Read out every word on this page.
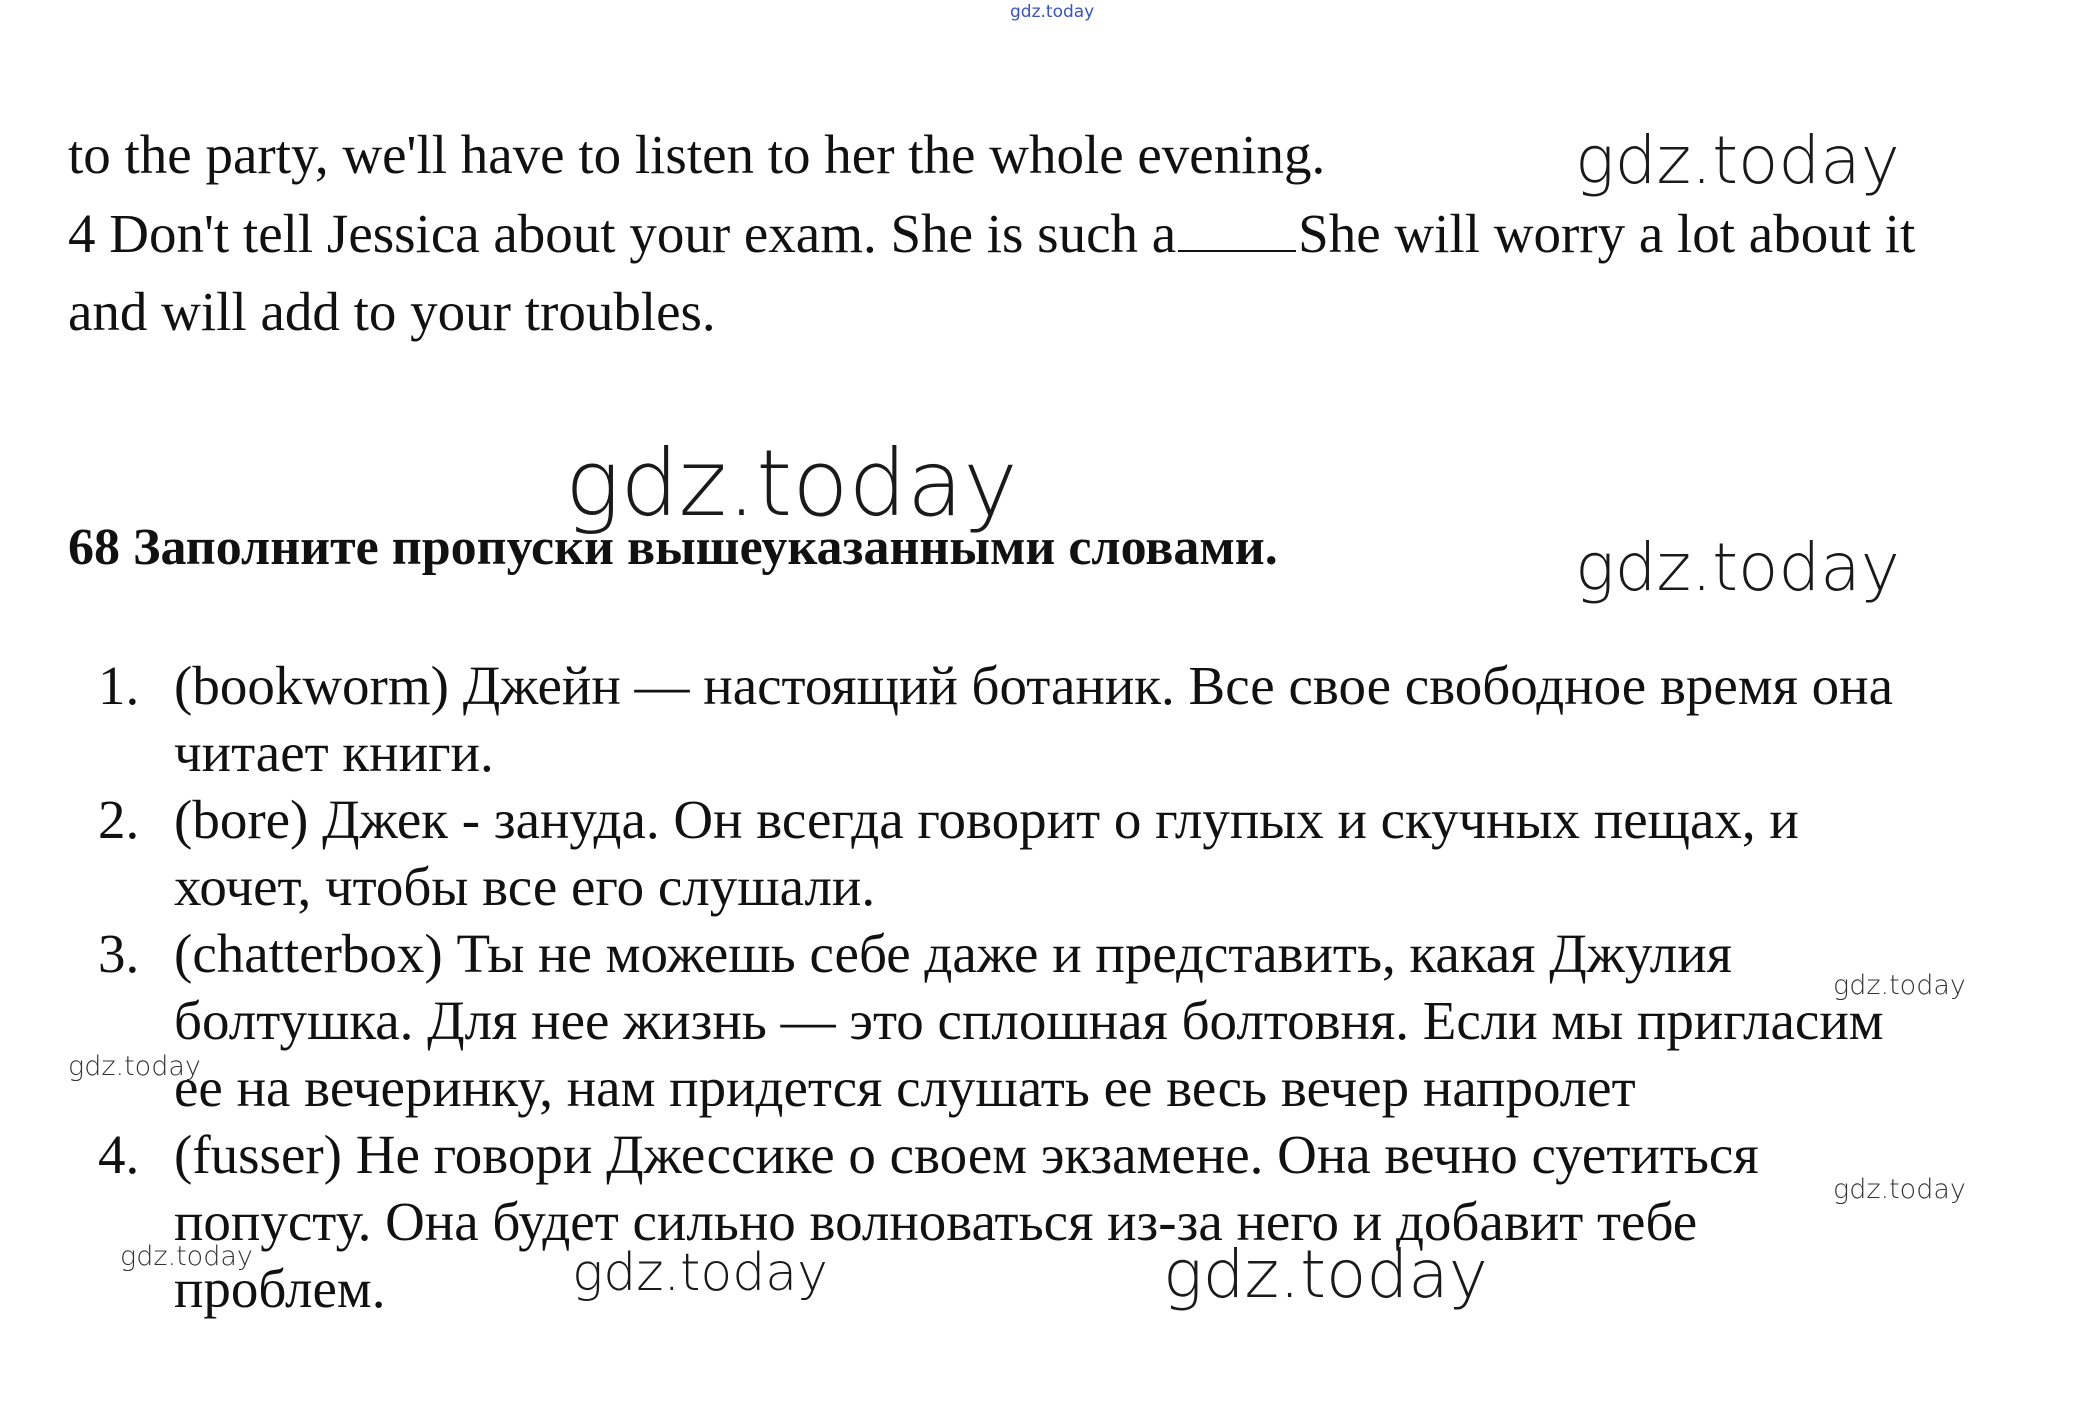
gdz.today
to the party, we'll have to listen to her the whole evening.
4 Don't tell Jessica about your exam. She is such a She will worry a lot about it
and will add to your troubles.
68 Заполните пропуски вышеуказанными словами.
1. (bookworm) Джейн — настоящий ботаник. Все свое свободное время она
читает книги.
2. (bore) Джек - зануда. Он всегда говорит о глупых и скучных пещах, и
хочет, чтобы все его слушали.
3. (chatterbox) Ты не можешь себе даже и представить, какая Джулия
болтушка. Для нее жизнь — это сплошная болтовня. Если мы пригласим
ее на вечеринку, нам придется слушать ее весь вечер напролет
4. (fusser) Не говори Джессике о своем экзамене. Она вечно суетиться
попусту. Она будет сильно волноваться из-за него и добавит тебе
проблем.
gdz.today
gdz.today
gdz.today
gdz.today
gdz.today
gdz.today
gdz.today	gdz.today	gdz.today
